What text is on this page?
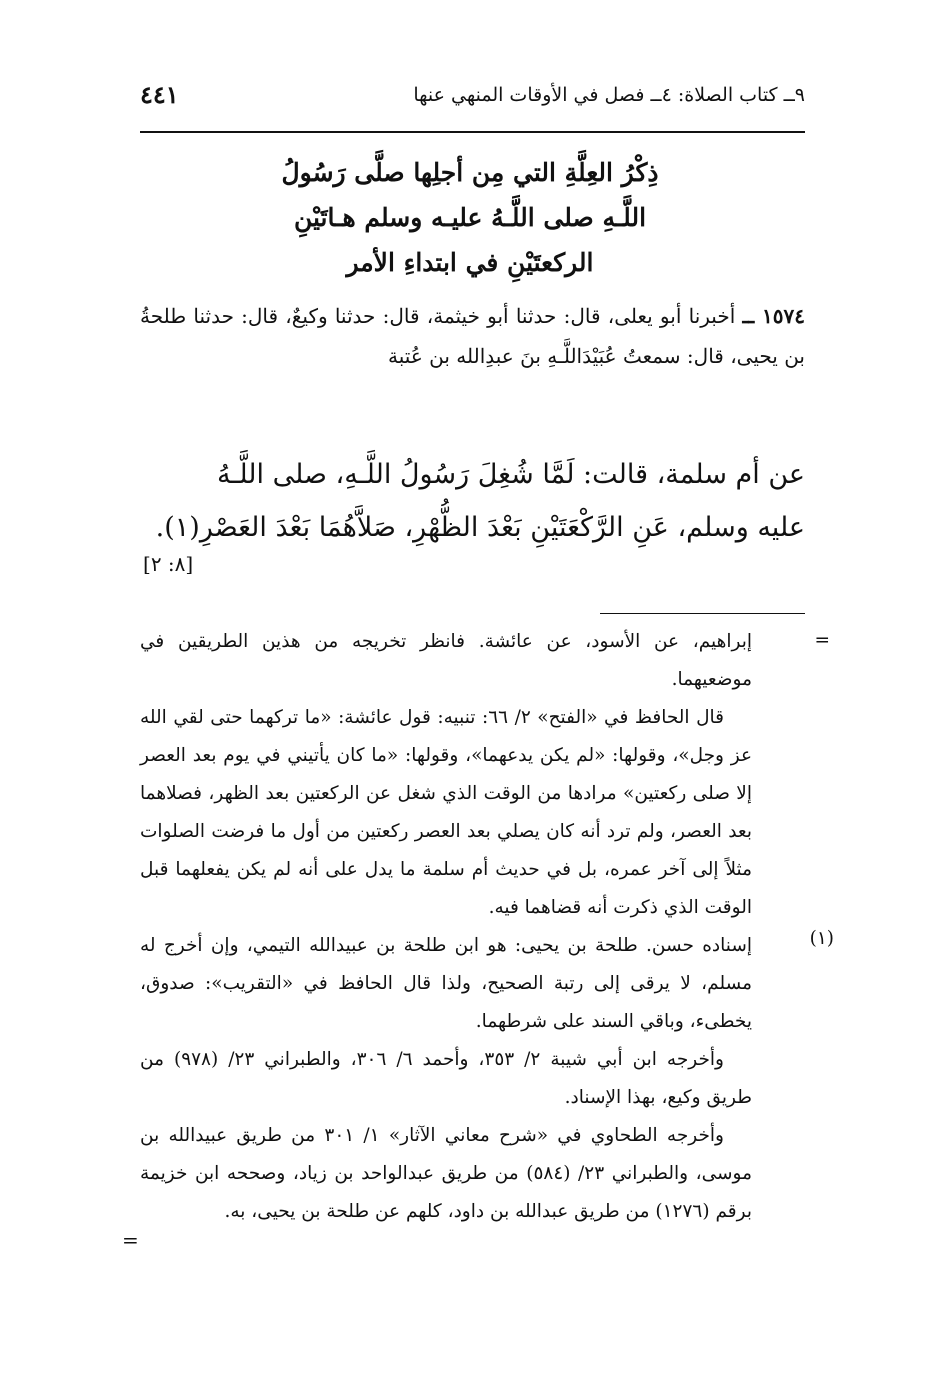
٩ــ كتاب الصلاة: ٤ــ فصل في الأوقات المنهي عنها
٤٤١
ذِكْرُ العِلَّةِ التي مِن أجلِها صلَّى رَسُولُ
اللَّـهِ صلى اللَّـهُ عليـه وسلم هـاتَيْنِ
الركعتَيْنِ في ابتداءِ الأمر
١٥٧٤ ــ أخبرنا أبو يعلى، قال: حدثنا أبو خيثمة، قال: حدثنا وكيعٌ، قال: حدثنا طلحةُ بن يحيى، قال: سمعتُ عُبَيْدَاللَّـهِ بنَ عبدِالله بن عُتبة
عن أم سلمة، قالت: لَمَّا شُغِلَ رَسُولُ اللَّـهِ، صلى اللَّـهُ
عليه وسلم، عَنِ الرَّكْعَتَيْنِ بَعْدَ الظُّهْرِ، صَلاَّهُمَا بَعْدَ العَصْرِ(١).
[٨: ٢]
=
(١)

إبراهيم، عن الأسود، عن عائشة. فانظر تخريجه من هذين الطريقين في موضعيهما.

قال الحافظ في «الفتح» ٢/ ٦٦: تنبيه: قول عائشة: «ما تركهما حتى لقي الله عز وجل»، وقولها: «لم يكن يدعهما»، وقولها: «ما كان يأتيني في يوم بعد العصر إلا صلى ركعتين» مرادها من الوقت الذي شغل عن الركعتين بعد الظهر، فصلاهما بعد العصر، ولم ترد أنه كان يصلي بعد العصر ركعتين من أول ما فرضت الصلوات مثلاً إلى آخر عمره، بل في حديث أم سلمة ما يدل على أنه لم يكن يفعلهما قبل الوقت الذي ذكرت أنه قضاهما فيه.

إسناده حسن. طلحة بن يحيى: هو ابن طلحة بن عبيدالله التيمي، وإن أخرج له مسلم، لا يرقى إلى رتبة الصحيح، ولذا قال الحافظ في «التقريب»: صدوق، يخطىء، وباقي السند على شرطهما.

وأخرجه ابن أبي شيبة ٢/ ٣٥٣، وأحمد ٦/ ٣٠٦، والطبراني ٢٣/ (٩٧٨) من طريق وكيع، بهذا الإسناد.

وأخرجه الطحاوي في «شرح معاني الآثار» ١/ ٣٠١ من طريق عبيدالله بن موسى، والطبراني ٢٣/ (٥٨٤) من طريق عبدالواحد بن زياد، وصححه ابن خزيمة برقم (١٢٧٦) من طريق عبدالله بن داود، كلهم عن طلحة بن يحيى، به.

=
